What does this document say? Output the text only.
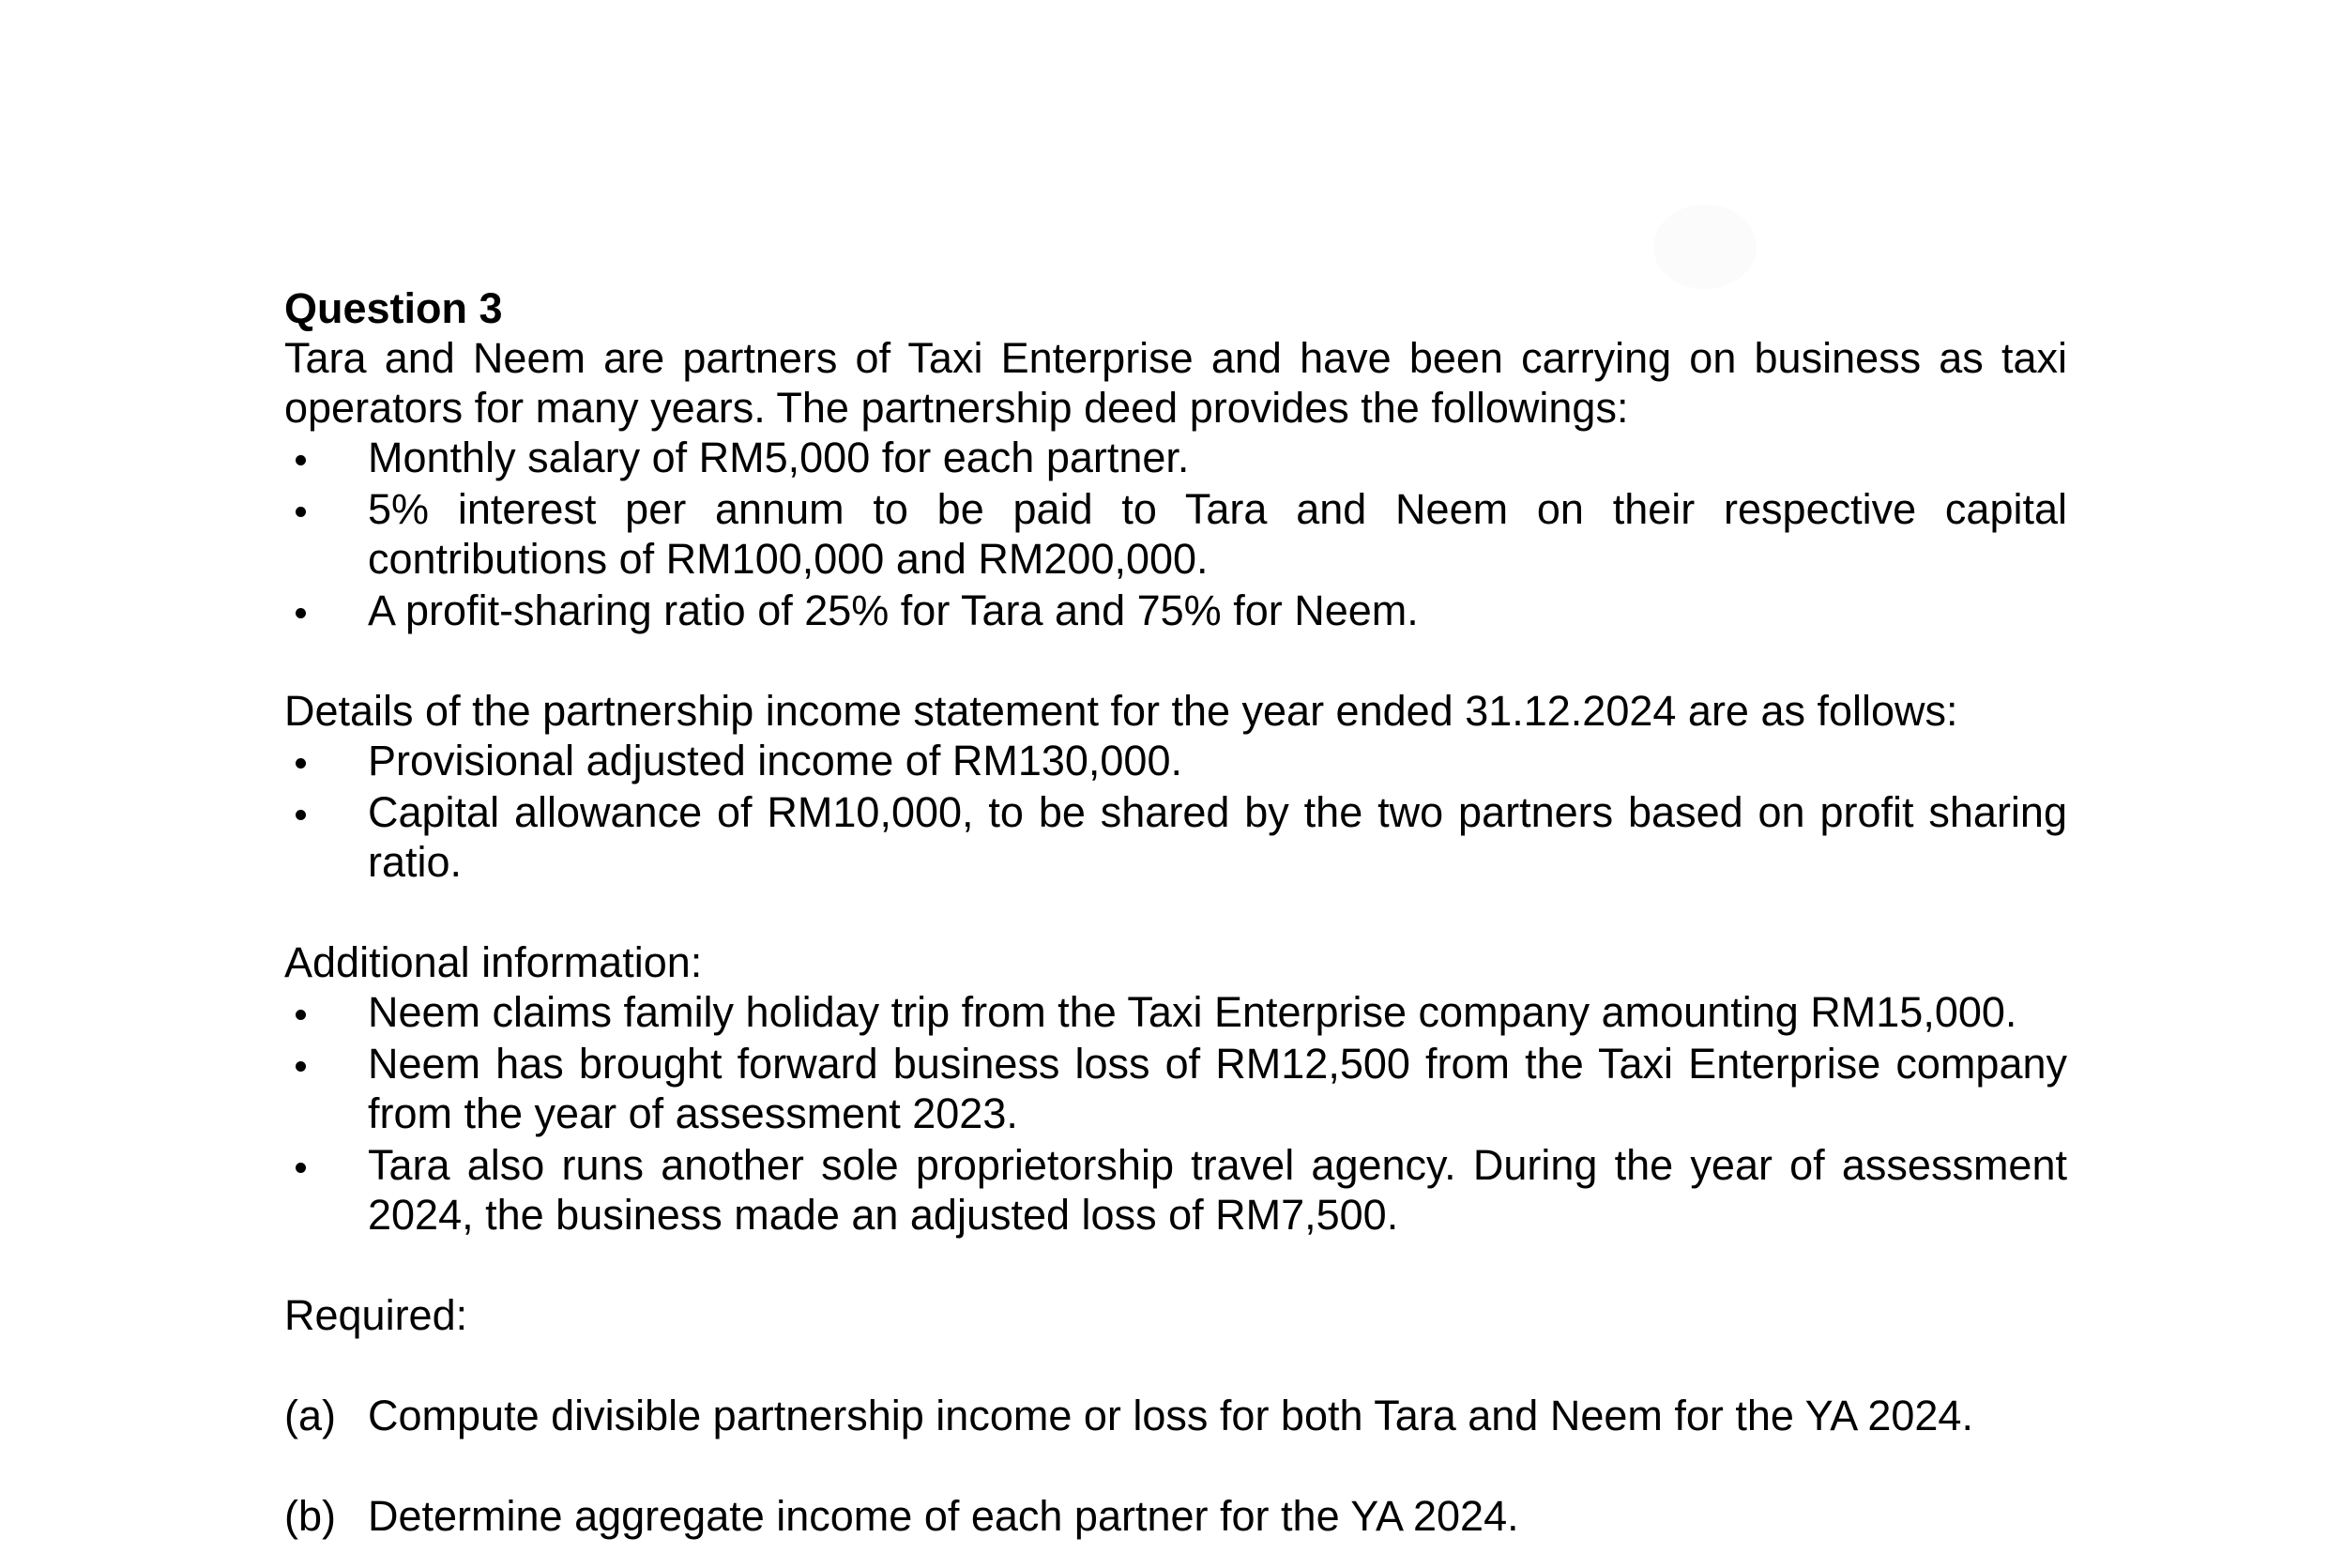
Question 3

Tara and Neem are partners of Taxi Enterprise and have been carrying on business as taxi operators for many years. The partnership deed provides the followings:

Monthly salary of RM5,000 for each partner.
5% interest per annum to be paid to Tara and Neem on their respective capital contributions of RM100,000 and RM200,000.
A profit-sharing ratio of 25% for Tara and 75% for Neem.

Details of the partnership income statement for the year ended 31.12.2024 are as follows:

Provisional adjusted income of RM130,000.
Capital allowance of RM10,000, to be shared by the two partners based on profit sharing ratio.

Additional information:

Neem claims family holiday trip from the Taxi Enterprise company amounting RM15,000.
Neem has brought forward business loss of RM12,500 from the Taxi Enterprise company from the year of assessment 2023.
Tara also runs another sole proprietorship travel agency. During the year of assessment 2024, the business made an adjusted loss of RM7,500.

Required:

(a) Compute divisible partnership income or loss for both Tara and Neem for the YA 2024.

(b) Determine aggregate income of each partner for the YA 2024.
